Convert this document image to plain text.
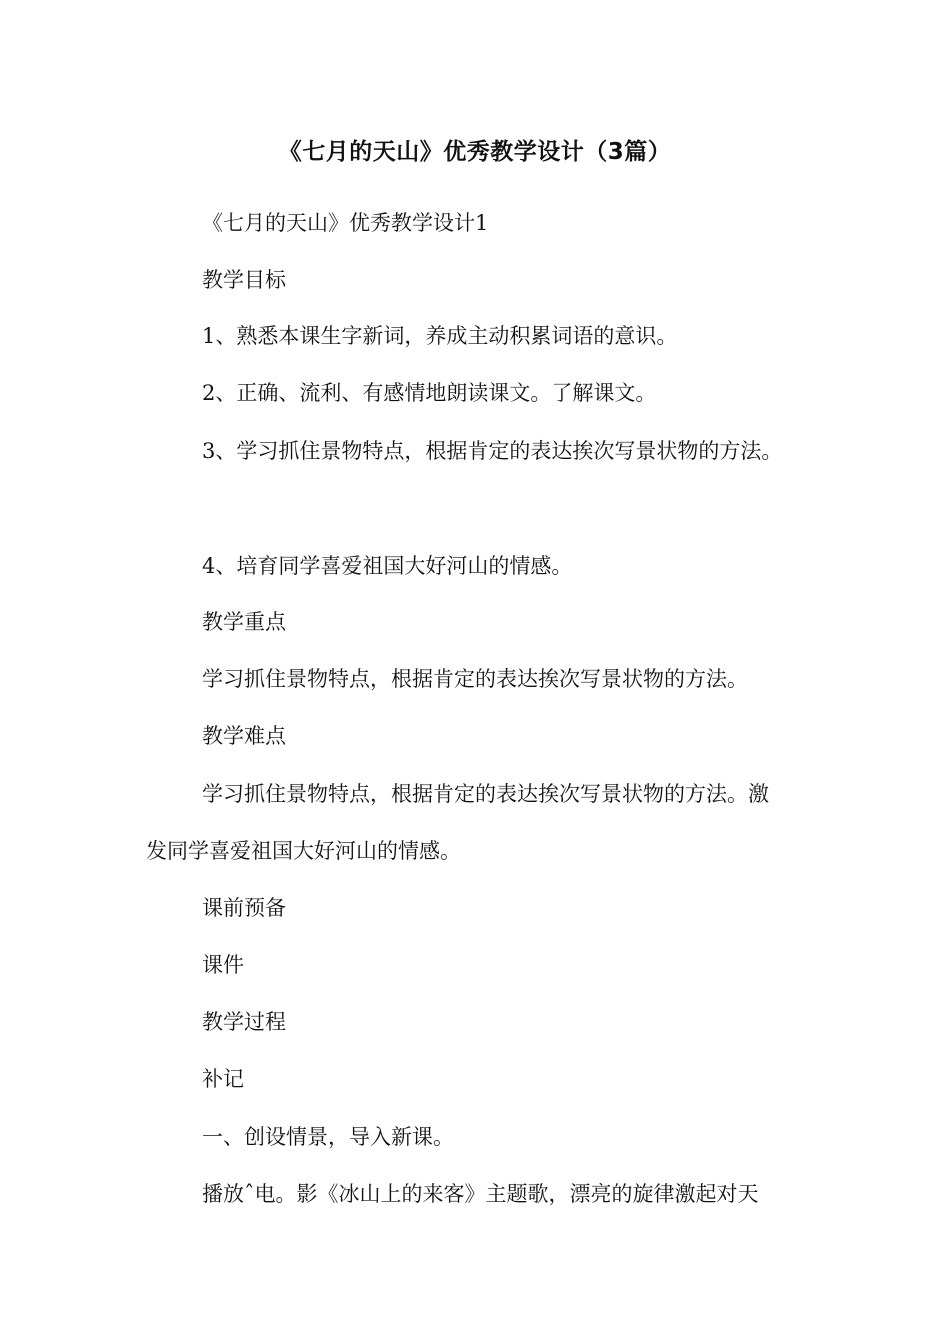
《七月的天山》优秀教学设计（3篇）
《七月的天山》优秀教学设计1
教学目标
1、熟悉本课生字新词，养成主动积累词语的意识。
2、正确、流利、有感情地朗读课文。了解课文。
3、学习抓住景物特点，根据肯定的表达挨次写景状物的方法。
4、培育同学喜爱祖国大好河山的情感。
教学重点
学习抓住景物特点，根据肯定的表达挨次写景状物的方法。
教学难点
学习抓住景物特点，根据肯定的表达挨次写景状物的方法。激
发同学喜爱祖国大好河山的情感。
课前预备
课件
教学过程
补记
一、创设情景，导入新课。
播放ˆ电。影《冰山上的来客》主题歌，漂亮的旋律激起对天
